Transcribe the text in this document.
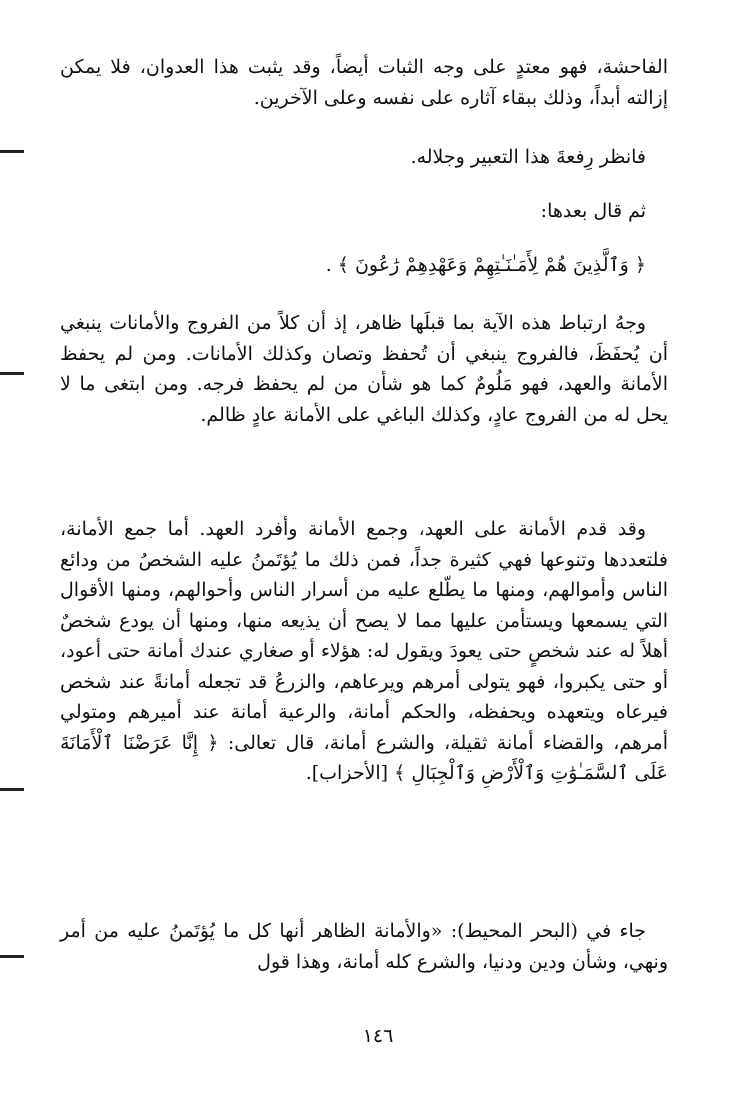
الفاحشة، فهو معتدٍ على وجه الثبات أيضاً، وقد يثبت هذا العدوان، فلا يمكن إزالته أبداً، وذلك ببقاء آثاره على نفسه وعلى الآخرين.

فانظر رِفعةَ هذا التعبير وجلاله.

ثم قال بعدها:

﴿ وَٱلَّذِينَ هُمْ لِأَمَـٰنَـٰتِهِمْ وَعَهْدِهِمْ رَٰعُونَ ﴾ .

وجهُ ارتباط هذه الآية بما قبلَها ظاهر، إذ أن كلاً من الفروج والأمانات ينبغي أن يُحفَظَ، فالفروج ينبغي أن تُحفظ وتصان وكذلك الأمانات. ومن لم يحفظ الأمانة والعهد، فهو مَلُومٌ كما هو شأن من لم يحفظ فرجه. ومن ابتغى ما لا يحل له من الفروج عادٍ، وكذلك الباغي على الأمانة عادٍ ظالم.

وقد قدم الأمانة على العهد، وجمع الأمانة وأفرد العهد. أما جمع الأمانة، فلتعددها وتنوعها فهي كثيرة جداً، فمن ذلك ما يُؤتَمنُ عليه الشخصُ من ودائع الناس وأموالهم، ومنها ما يطّلع عليه من أسرار الناس وأحوالهم، ومنها الأقوال التي يسمعها ويستأمن عليها مما لا يصح أن يذيعه منها، ومنها أن يودع شخصٌ أهلاً له عند شخصٍ حتى يعودَ ويقول له: هؤلاء أو صغاري عندك أمانة حتى أعود، أو حتى يكبروا، فهو يتولى أمرهم ويرعاهم، والزرعُ قد تجعله أمانةً عند شخص فيرعاه ويتعهده ويحفظه، والحكم أمانة، والرعية أمانة عند أميرهم ومتولي أمرهم، والقضاء أمانة ثقيلة، والشرع أمانة، قال تعالى: ﴿ إِنَّا عَرَضْنَا ٱلْأَمَانَةَ عَلَى ٱلسَّمَـٰوَٰتِ وَٱلْأَرْضِ وَٱلْجِبَالِ ﴾ [الأحزاب].

جاء في (البحر المحيط): «والأمانة الظاهر أنها كل ما يُؤتَمنُ عليه من أمر ونهي، وشأن ودين ودنيا، والشرع كله أمانة، وهذا قول

١٤٦
